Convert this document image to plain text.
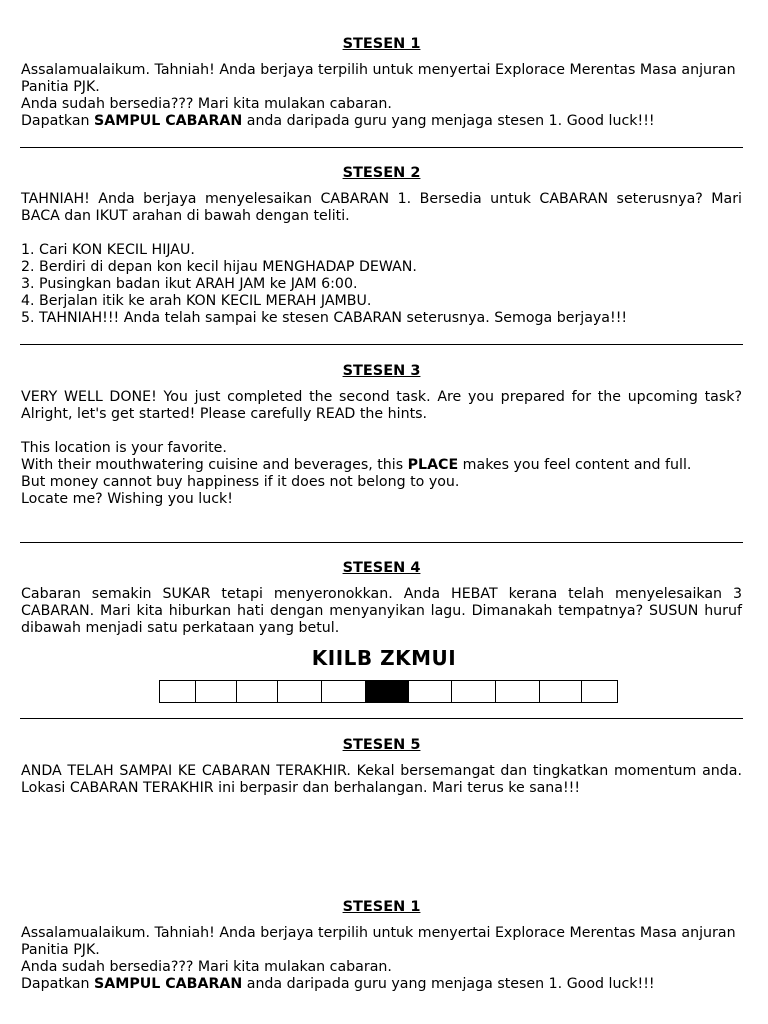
STESEN 1

Assalamualaikum. Tahniah! Anda berjaya terpilih untuk menyertai Explorace Merentas Masa anjuran Panitia PJK.

Anda sudah bersedia??? Mari kita mulakan cabaran.

Dapatkan SAMPUL CABARAN anda daripada guru yang menjaga stesen 1. Good luck!!!

STESEN 2

TAHNIAH! Anda berjaya menyelesaikan CABARAN 1. Bersedia untuk CABARAN seterusnya? Mari BACA dan IKUT arahan di bawah dengan teliti.

1. Cari KON KECIL HIJAU.

2. Berdiri di depan kon kecil hijau MENGHADAP DEWAN.

3. Pusingkan badan ikut ARAH JAM ke JAM 6:00.

4. Berjalan itik ke arah KON KECIL MERAH JAMBU.

5. TAHNIAH!!! Anda telah sampai ke stesen CABARAN seterusnya. Semoga berjaya!!!

STESEN 3

VERY WELL DONE! You just completed the second task. Are you prepared for the upcoming task? Alright, let's get started! Please carefully READ the hints.

This location is your favorite.

With their mouthwatering cuisine and beverages, this PLACE makes you feel content and full.

But money cannot buy happiness if it does not belong to you.

Locate me? Wishing you luck!

STESEN 4

Cabaran semakin SUKAR tetapi menyeronokkan. Anda HEBAT kerana telah menyelesaikan 3 CABARAN. Mari kita hiburkan hati dengan menyanyikan lagu. Dimanakah tempatnya? SUSUN huruf dibawah menjadi satu perkataan yang betul.

KIILB ZKMUI
STESEN 5

ANDA TELAH SAMPAI KE CABARAN TERAKHIR. Kekal bersemangat dan tingkatkan momentum anda. Lokasi CABARAN TERAKHIR ini berpasir dan berhalangan. Mari terus ke sana!!!

STESEN 1

Assalamualaikum. Tahniah! Anda berjaya terpilih untuk menyertai Explorace Merentas Masa anjuran Panitia PJK.

Anda sudah bersedia??? Mari kita mulakan cabaran.

Dapatkan SAMPUL CABARAN anda daripada guru yang menjaga stesen 1. Good luck!!!
